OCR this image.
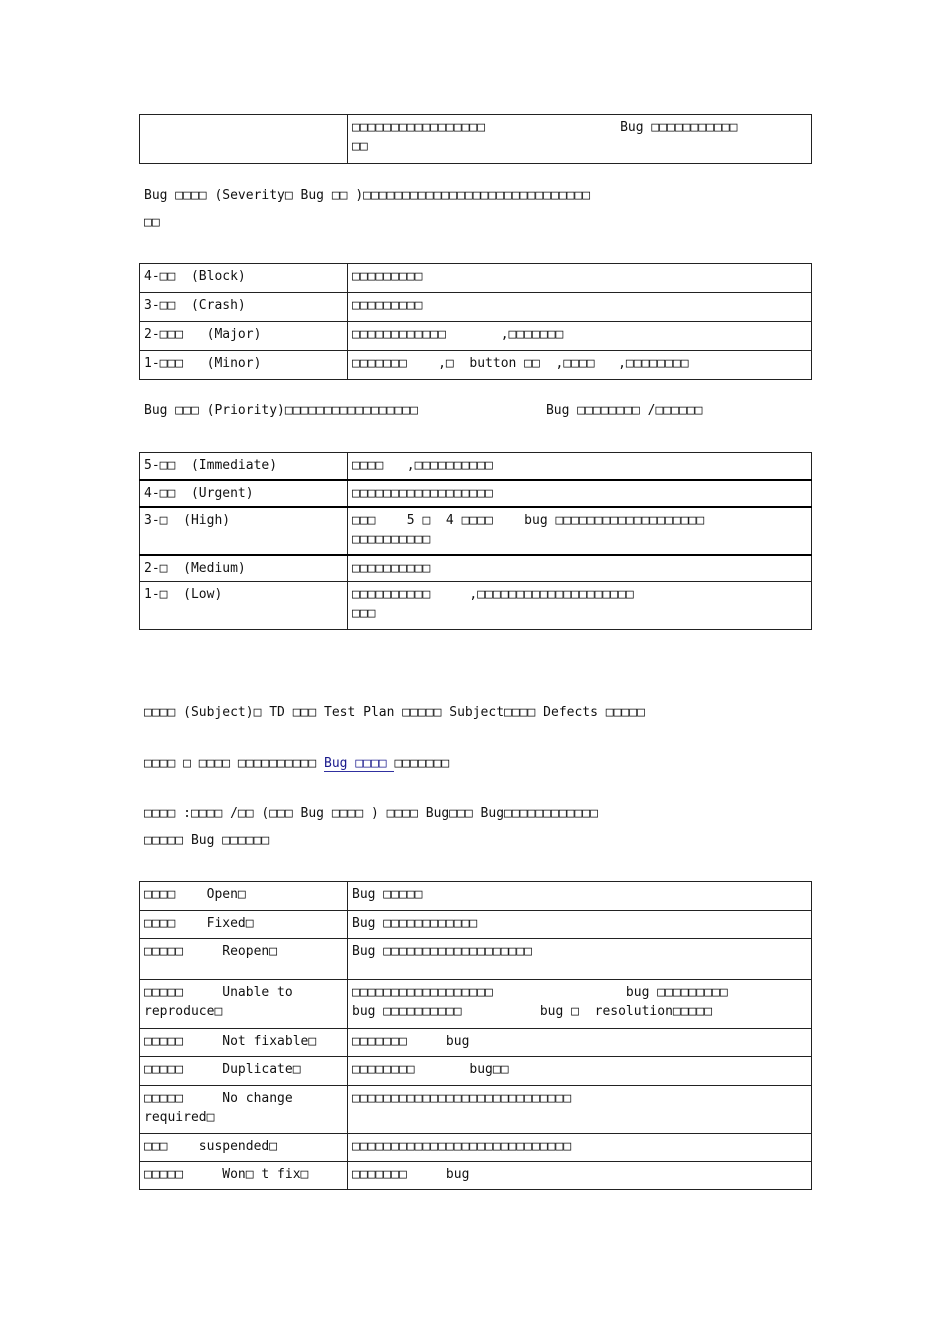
	□□□□□□□□□□□□□□□□□	Bug □□□□□□□□□□□
□□
Bug □□□□ (Severity□ Bug □□ )□□□□□□□□□□□□□□□□□□□□□□□□□□□□□
□□
4-□□  (Block)	□□□□□□□□□
3-□□  (Crash)	□□□□□□□□□
2-□□□   (Major)	□□□□□□□□□□□□       ,□□□□□□□
1-□□□   (Minor)	□□□□□□□    ,□  button □□  ,□□□□   ,□□□□□□□□
Bug □□□ (Priority)□□□□□□□□□□□□□□□□□	Bug □□□□□□□□ /□□□□□□
5-□□  (Immediate)	□□□□   ,□□□□□□□□□□
4-□□  (Urgent)	□□□□□□□□□□□□□□□□□□
3-□  (High)	□□□    5 □  4 □□□□    bug □□□□□□□□□□□□□□□□□□□
□□□□□□□□□□
2-□  (Medium)	□□□□□□□□□□
1-□  (Low)	□□□□□□□□□□     ,□□□□□□□□□□□□□□□□□□□□
□□□
□□□□ (Subject)□ TD □□□ Test Plan □□□□□ Subject□□□□ Defects □□□□□
□□□□ □ □□□□ □□□□□□□□□□ Bug □□□□ □□□□□□□
□□□□ :□□□□ /□□ (□□□ Bug □□□□ ) □□□□ Bug□□□ Bug□□□□□□□□□□□□
□□□□□ Bug □□□□□□
□□□□    Open□	Bug □□□□□
□□□□    Fixed□	Bug □□□□□□□□□□□□
□□□□□     Reopen□	Bug □□□□□□□□□□□□□□□□□□□
□□□□□     Unable to
reproduce□	□□□□□□□□□□□□□□□□□□                 bug □□□□□□□□□
bug □□□□□□□□□□          bug □  resolution□□□□□
□□□□□     Not fixable□	□□□□□□□     bug
□□□□□     Duplicate□	□□□□□□□□       bug□□
□□□□□     No change
required□	□□□□□□□□□□□□□□□□□□□□□□□□□□□□
□□□    suspended□	□□□□□□□□□□□□□□□□□□□□□□□□□□□□
□□□□□     Won□ t fix□	□□□□□□□     bug
